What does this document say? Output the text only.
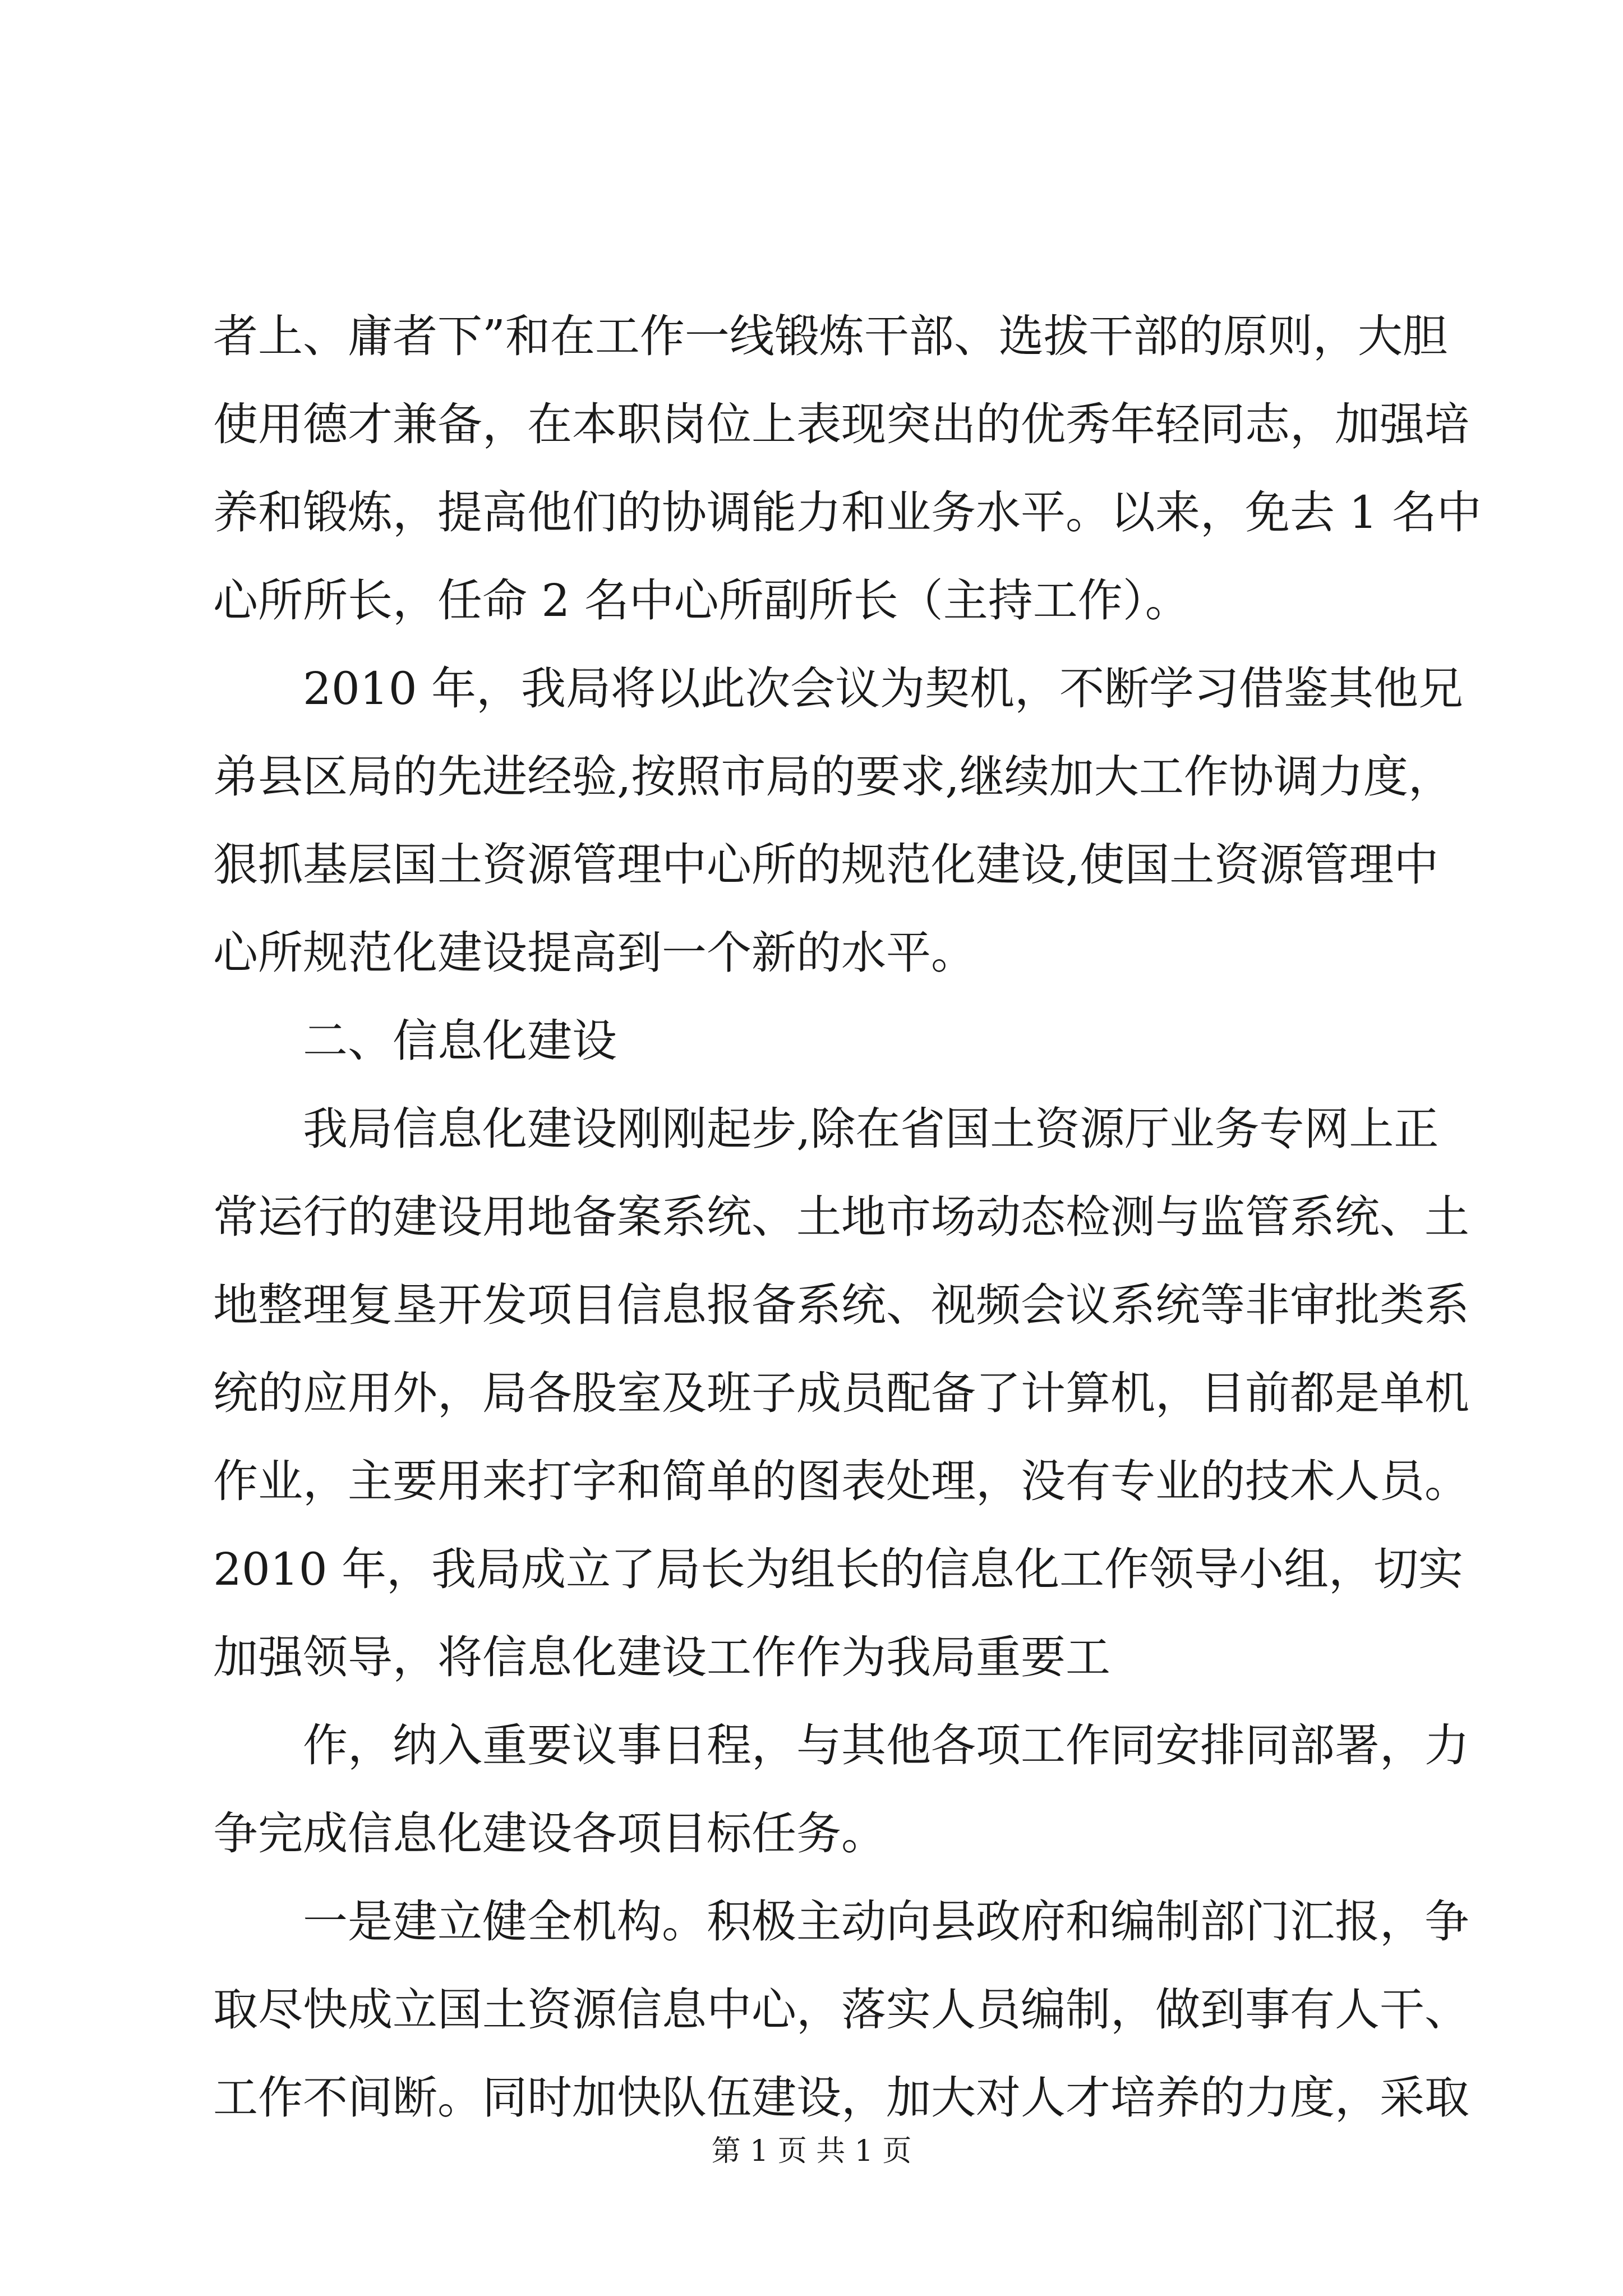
者上、庸者下”和在工作一线锻炼干部、选拔干部的原则，大胆
使用德才兼备，在本职岗位上表现突出的优秀年轻同志，加强培
养和锻炼，提高他们的协调能力和业务水平。以来，免去 1 名中
心所所长，任命 2 名中心所副所长（主持工作）。
2010 年，我局将以此次会议为契机，不断学习借鉴其他兄
弟县区局的先进经验,按照市局的要求,继续加大工作协调力度，
狠抓基层国土资源管理中心所的规范化建设,使国土资源管理中
心所规范化建设提高到一个新的水平。
二、信息化建设
我局信息化建设刚刚起步,除在省国土资源厅业务专网上正
常运行的建设用地备案系统、土地市场动态检测与监管系统、土
地整理复垦开发项目信息报备系统、视频会议系统等非审批类系
统的应用外，局各股室及班子成员配备了计算机，目前都是单机
作业，主要用来打字和简单的图表处理，没有专业的技术人员。
2010 年，我局成立了局长为组长的信息化工作领导小组，切实
加强领导，将信息化建设工作作为我局重要工
作，纳入重要议事日程，与其他各项工作同安排同部署，力
争完成信息化建设各项目标任务。
一是建立健全机构。积极主动向县政府和编制部门汇报，争
取尽快成立国土资源信息中心，落实人员编制，做到事有人干、
工作不间断。同时加快队伍建设，加大对人才培养的力度，采取
第 1 页 共 1 页
